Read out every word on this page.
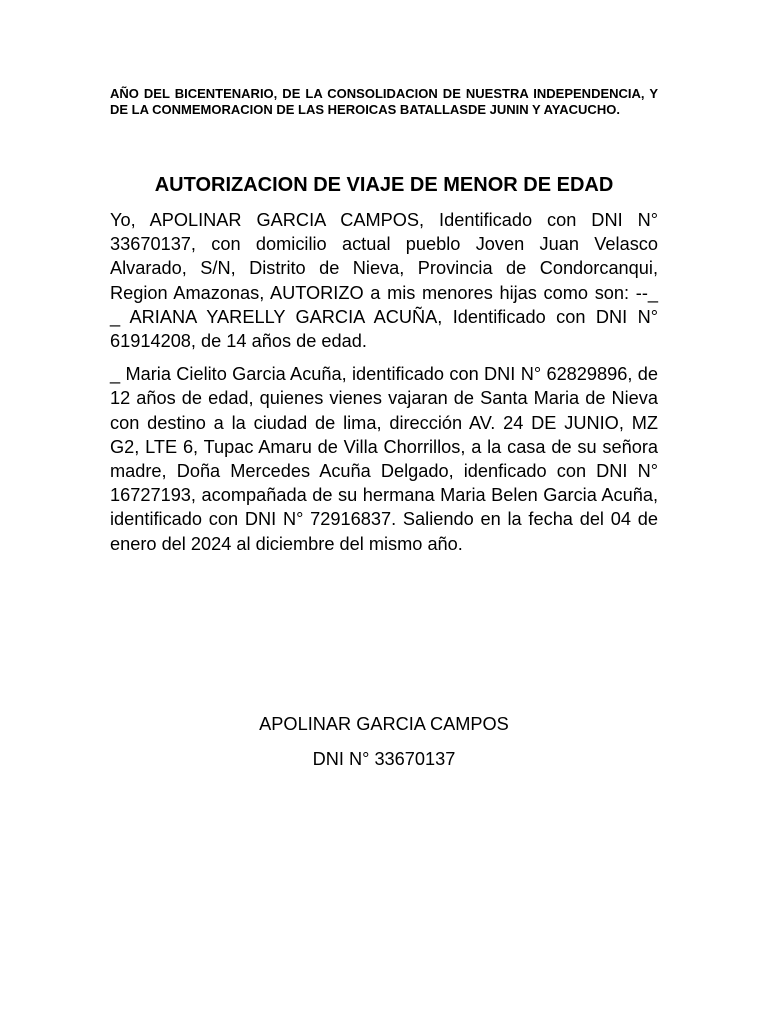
AÑO DEL BICENTENARIO, DE LA CONSOLIDACION DE NUESTRA INDEPENDENCIA, Y DE LA CONMEMORACION DE LAS HEROICAS BATALLASDE JUNIN Y AYACUCHO.

AUTORIZACION DE VIAJE DE MENOR DE EDAD

Yo, APOLINAR GARCIA CAMPOS, Identificado con DNI N° 33670137, con domicilio actual pueblo Joven Juan Velasco Alvarado, S/N, Distrito de Nieva, Provincia de Condorcanqui, Region Amazonas, AUTORIZO a mis menores hijas como son: --_ _ ARIANA YARELLY GARCIA ACUÑA, Identificado con DNI N° 61914208, de 14 años de edad.

_ Maria Cielito Garcia Acuña, identificado con DNI N° 62829896, de 12 años de edad, quienes vienes vajaran de Santa Maria de Nieva con destino a la ciudad de lima, dirección AV. 24 DE JUNIO, MZ G2, LTE 6, Tupac Amaru de Villa Chorrillos, a la casa de su señora madre, Doña Mercedes Acuña Delgado, idenficado con DNI N° 16727193, acompañada de su hermana Maria Belen Garcia Acuña, identificado con DNI N° 72916837. Saliendo en la fecha del 04 de enero del 2024 al diciembre del mismo año.

APOLINAR GARCIA CAMPOS

DNI N° 33670137
